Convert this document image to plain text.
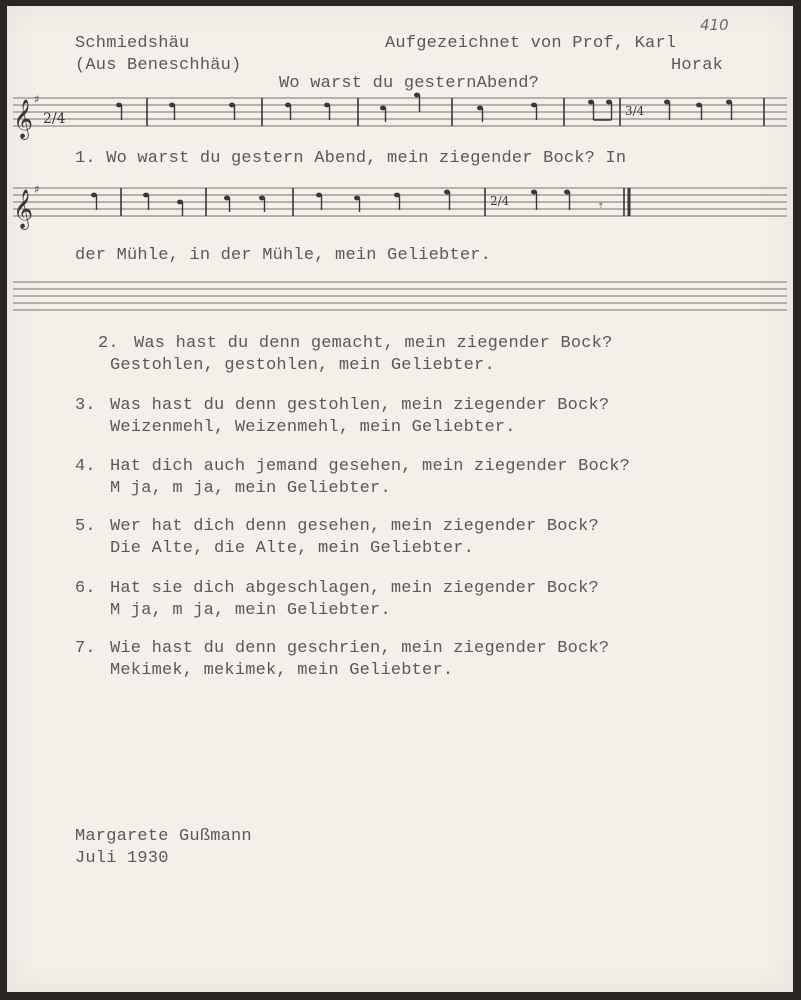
Schmiedshäu
(Aus Beneschhäu)
Aufgezeichnet von Prof, Karl
Horak
410
Wo warst du gesternAbend?
𝄞 ♯
2/4	3/4
1. Wo warst du gestern Abend, mein ziegender Bock? In
𝄞 ♯
2/4	𝄾
der Mühle, in der Mühle, mein Geliebter.
2. Was hast du denn gemacht, mein ziegender Bock?
Gestohlen, gestohlen, mein Geliebter.
3. Was hast du denn gestohlen, mein ziegender Bock?
Weizenmehl, Weizenmehl, mein Geliebter.
4. Hat dich auch jemand gesehen, mein ziegender Bock?
M ja, m ja, mein Geliebter.
5. Wer hat dich denn gesehen, mein ziegender Bock?
Die Alte, die Alte, mein Geliebter.
6. Hat sie dich abgeschlagen, mein ziegender Bock?
M ja, m ja, mein Geliebter.
7. Wie hast du denn geschrien, mein ziegender Bock?
Mekimek, mekimek, mein Geliebter.
Margarete Gußmann
Juli 1930
